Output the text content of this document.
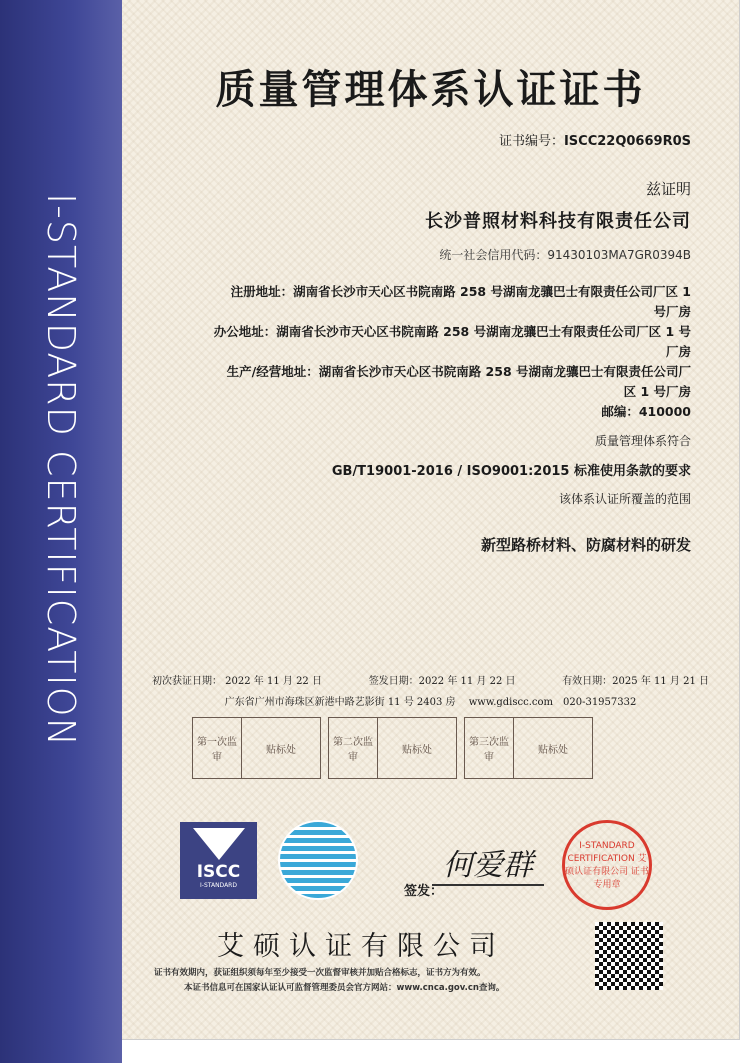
I-STANDARD CERTIFICATION
质量管理体系认证证书
证书编号：ISCC22Q0669R0S
兹证明
长沙普照材料科技有限责任公司
统一社会信用代码：91430103MA7GR0394B
注册地址：湖南省长沙市天心区书院南路 258 号湖南龙骧巴士有限责任公司厂区 1
号厂房
办公地址：湖南省长沙市天心区书院南路 258 号湖南龙骧巴士有限责任公司厂区 1 号
厂房
生产/经营地址：湖南省长沙市天心区书院南路 258 号湖南龙骧巴士有限责任公司厂
区 1 号厂房
邮编：410000
质量管理体系符合
GB/T19001-2016 / ISO9001:2015 标准使用条款的要求
该体系认证所覆盖的范围
新型路桥材料、防腐材料的研发
初次获证日期： 2022 年 11 月 22 日	签发日期：2022 年 11 月 22 日	有效日期：2025 年 11 月 21 日
广东省广州市海珠区新港中路艺影街 11 号 2403 房　 www.gdiscc.com　020-31957332
第一次监审
贴标处
第二次监审
贴标处
第三次监审
贴标处
ISCC
I-STANDARD	签发：
何爱群
I-STANDARD CERTIFICATION 艾硕认证有限公司 证书专用章
艾硕认证有限公司
证书有效期内，获证组织须每年至少接受一次监督审核并加贴合格标志，证书方为有效。
本证书信息可在国家认证认可监督管理委员会官方网站：www.cnca.gov.cn查询。
